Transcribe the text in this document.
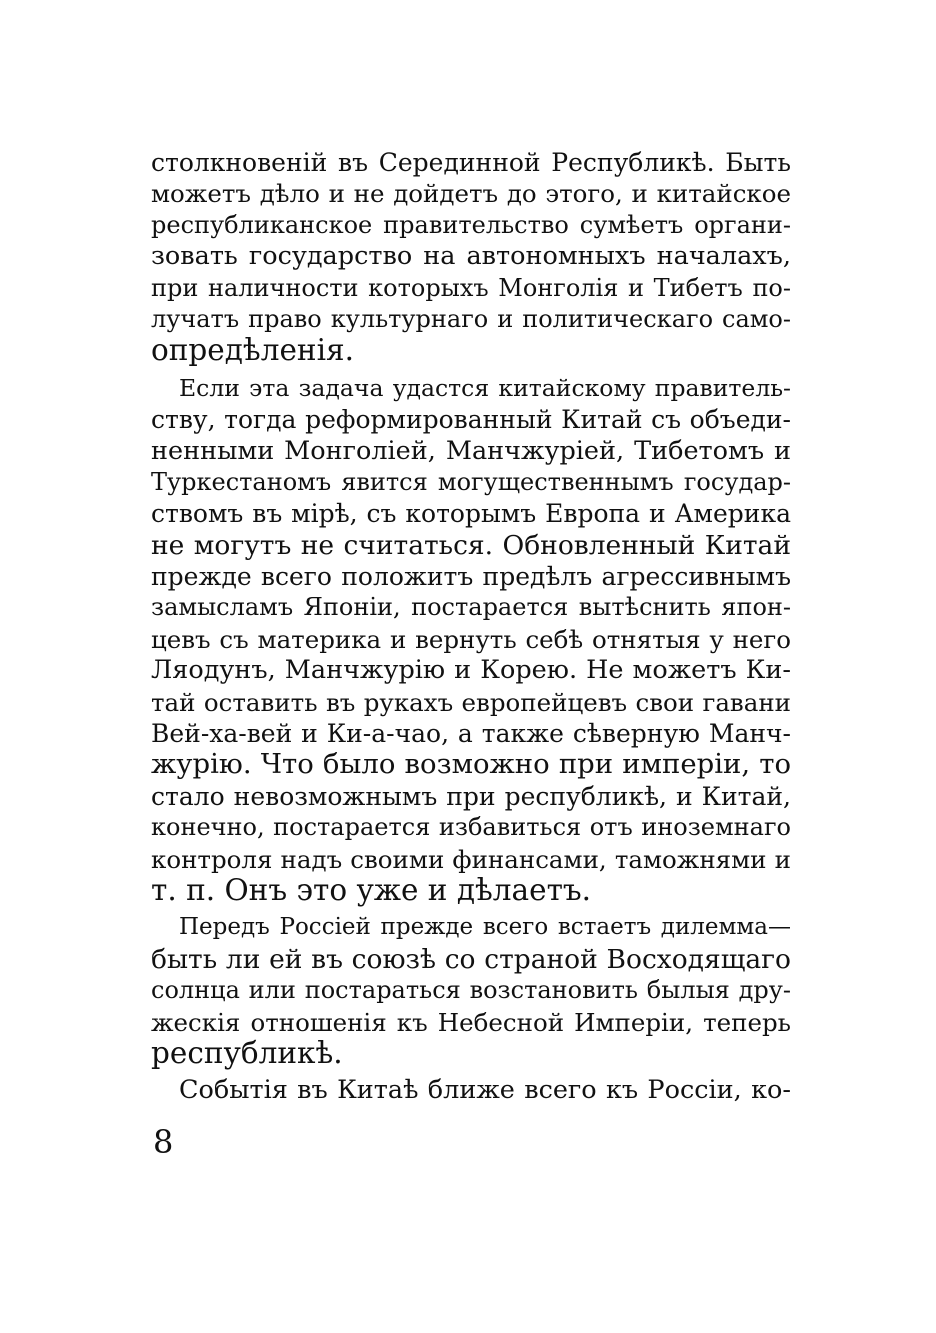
столкновеній въ Серединной Республикѣ. Быть
можетъ дѣло и не дойдетъ до этого, и китайское
республиканское правительство сумѣетъ органи-
зовать государство на автономныхъ началахъ,
при наличности которыхъ Монголія и Тибетъ по-
лучатъ право культурнаго и политическаго само-
опредѣленія.
Если эта задача удастся китайскому правитель-
ству, тогда реформированный Китай съ объеди-
ненными Монголіей, Манчжуріей, Тибетомъ и
Туркестаномъ явится могущественнымъ государ-
ствомъ въ мірѣ, съ которымъ Европа и Америка
не могутъ не считаться. Обновленный Китай
прежде всего положитъ предѣлъ агрессивнымъ
замысламъ Японіи, постарается вытѣснить япон-
цевъ съ материка и вернуть себѣ отнятыя у него
Ляодунъ, Манчжурію и Корею. Не можетъ Ки-
тай оставить въ рукахъ европейцевъ свои гавани
Вей-ха-вей и Ки-а-чао, а также сѣверную Манч-
журію. Что было возможно при имперіи, то
стало невозможнымъ при республикѣ, и Китай,
конечно, постарается избавиться отъ иноземнаго
контроля надъ своими финансами, таможнями и
т. п. Онъ это уже и дѣлаетъ.
Передъ Россіей прежде всего встаетъ дилемма—
быть ли ей въ союзѣ со страной Восходящаго
солнца или постараться возстановить былыя дру-
жескія отношенія къ Небесной Имперіи, теперь
республикѣ.
Событія въ Китаѣ ближе всего къ Россіи, ко-
8
